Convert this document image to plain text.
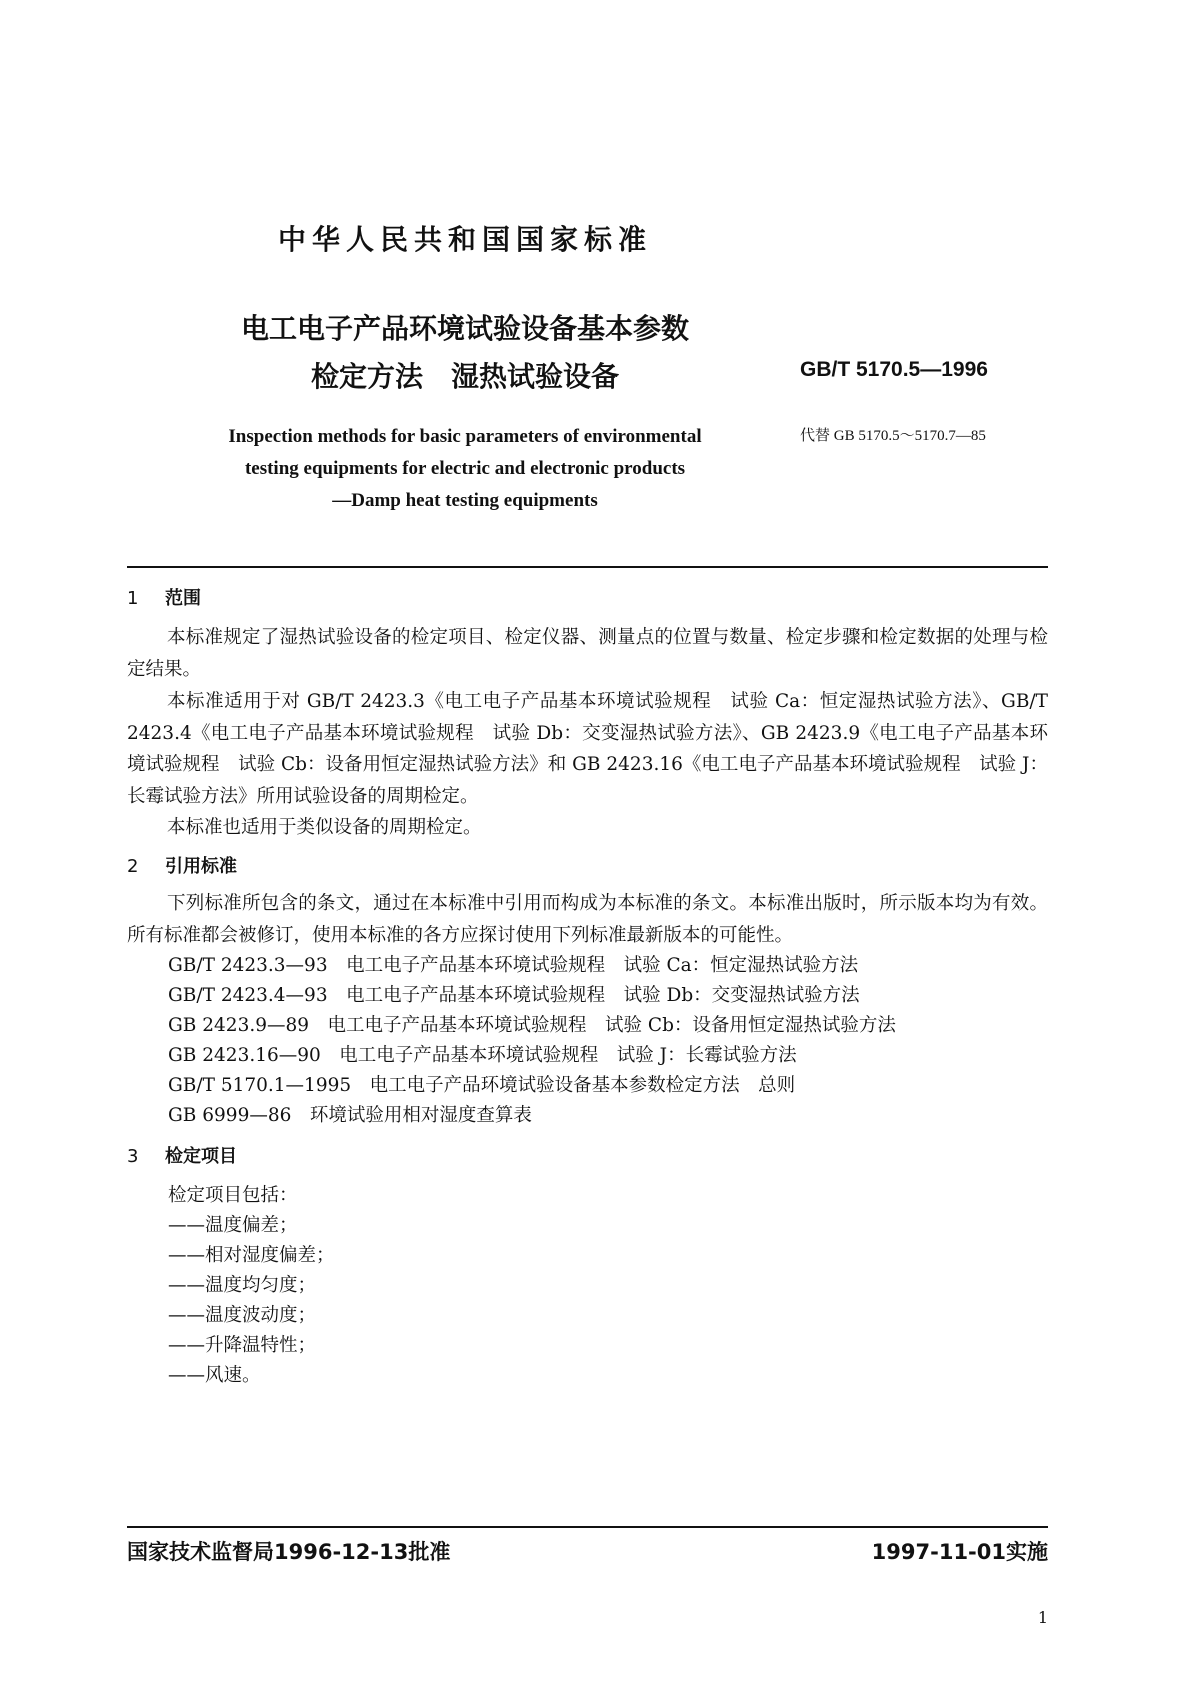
中华人民共和国国家标准
电工电子产品环境试验设备基本参数
检定方法　湿热试验设备	GB/T 5170.5—1996
Inspection methods for basic parameters of environmental
testing equipments for electric and electronic products
—Damp heat testing equipments
代替 GB 5170.5～5170.7—85
1 范围
本标准规定了湿热试验设备的检定项目、检定仪器、测量点的位置与数量、检定步骤和检定数据的处理与检定结果。
本标准适用于对 GB/T 2423.3《电工电子产品基本环境试验规程　试验 Ca：恒定湿热试验方法》、GB/T 2423.4《电工电子产品基本环境试验规程　试验 Db：交变湿热试验方法》、GB 2423.9《电工电子产品基本环境试验规程　试验 Cb：设备用恒定湿热试验方法》和 GB 2423.16《电工电子产品基本环境试验规程　试验 J：长霉试验方法》所用试验设备的周期检定。
本标准也适用于类似设备的周期检定。
2 引用标准
下列标准所包含的条文，通过在本标准中引用而构成为本标准的条文。本标准出版时，所示版本均为有效。所有标准都会被修订，使用本标准的各方应探讨使用下列标准最新版本的可能性。
GB/T 2423.3—93　电工电子产品基本环境试验规程　试验 Ca：恒定湿热试验方法
GB/T 2423.4—93　电工电子产品基本环境试验规程　试验 Db：交变湿热试验方法
GB 2423.9—89　电工电子产品基本环境试验规程　试验 Cb：设备用恒定湿热试验方法
GB 2423.16—90　电工电子产品基本环境试验规程　试验 J：长霉试验方法
GB/T 5170.1—1995　电工电子产品环境试验设备基本参数检定方法　总则
GB 6999—86　环境试验用相对湿度查算表
3 检定项目
检定项目包括：
——温度偏差；
——相对湿度偏差；
——温度均匀度；
——温度波动度；
——升降温特性；
——风速。
国家技术监督局1996-12-13批准	1997-11-01实施
1
